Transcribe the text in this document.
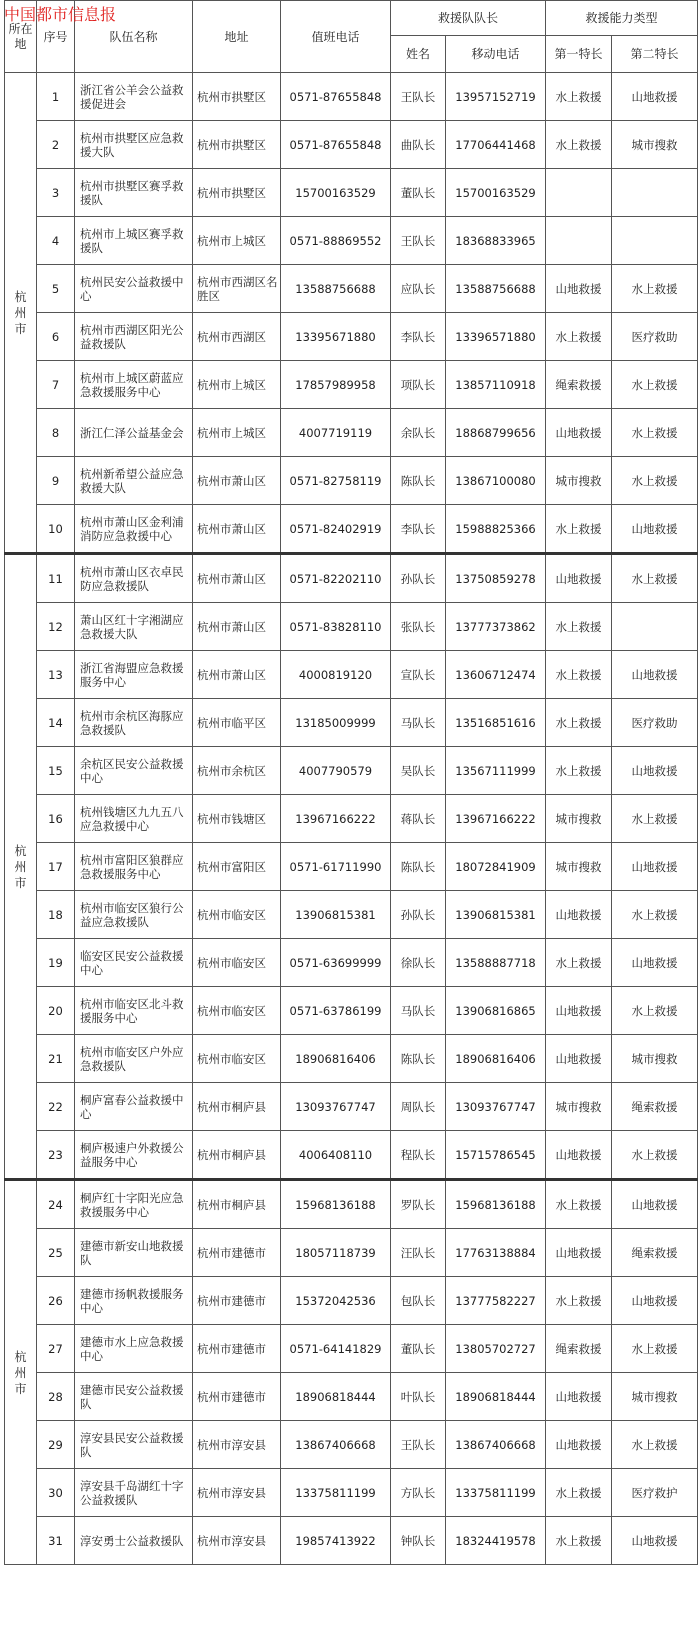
中国都市信息报
所在地	序号	队伍名称	地址	值班电话	救援队队长		救援能力类型	
					姓名	移动电话	第一特长	第二特长
杭州市	1	浙江省公羊会公益救援促进会	杭州市拱墅区	0571-87655848	王队长	13957152719	水上救援	山地救援
	2	杭州市拱墅区应急救援大队	杭州市拱墅区	0571-87655848	曲队长	17706441468	水上救援	城市搜救
	3	杭州市拱墅区赛孚救援队	杭州市拱墅区	15700163529	董队长	15700163529		
	4	杭州市上城区赛孚救援队	杭州市上城区	0571-88869552	王队长	18368833965		
	5	杭州民安公益救援中心	杭州市西湖区名胜区	13588756688	应队长	13588756688	山地救援	水上救援
	6	杭州市西湖区阳光公益救援队	杭州市西湖区	13395671880	李队长	13396571880	水上救援	医疗救助
	7	杭州市上城区蔚蓝应急救援服务中心	杭州市上城区	17857989958	项队长	13857110918	绳索救援	水上救援
	8	浙江仁泽公益基金会	杭州市上城区	4007719119	余队长	18868799656	山地救援	水上救援
	9	杭州新希望公益应急救援大队	杭州市萧山区	0571-82758119	陈队长	13867100080	城市搜救	水上救援
	10	杭州市萧山区金利浦消防应急救援中心	杭州市萧山区	0571-82402919	李队长	15988825366	水上救援	山地救援
杭州市	11	杭州市萧山区衣卓民防应急救援队	杭州市萧山区	0571-82202110	孙队长	13750859278	山地救援	水上救援
	12	萧山区红十字湘湖应急救援大队	杭州市萧山区	0571-83828110	张队长	13777373862	水上救援	
	13	浙江省海盟应急救援服务中心	杭州市萧山区	4000819120	宣队长	13606712474	水上救援	山地救援
	14	杭州市余杭区海豚应急救援队	杭州市临平区	13185009999	马队长	13516851616	水上救援	医疗救助
	15	余杭区民安公益救援中心	杭州市余杭区	4007790579	吴队长	13567111999	水上救援	山地救援
	16	杭州钱塘区九九五八应急救援中心	杭州市钱塘区	13967166222	蒋队长	13967166222	城市搜救	水上救援
	17	杭州市富阳区狼群应急救援服务中心	杭州市富阳区	0571-61711990	陈队长	18072841909	城市搜救	山地救援
	18	杭州市临安区狼行公益应急救援队	杭州市临安区	13906815381	孙队长	13906815381	山地救援	水上救援
	19	临安区民安公益救援中心	杭州市临安区	0571-63699999	徐队长	13588887718	水上救援	山地救援
	20	杭州市临安区北斗救援服务中心	杭州市临安区	0571-63786199	马队长	13906816865	山地救援	水上救援
	21	杭州市临安区户外应急救援队	杭州市临安区	18906816406	陈队长	18906816406	山地救援	城市搜救
	22	桐庐富春公益救援中心	杭州市桐庐县	13093767747	周队长	13093767747	城市搜救	绳索救援
	23	桐庐极速户外救援公益服务中心	杭州市桐庐县	4006408110	程队长	15715786545	山地救援	水上救援
杭州市	24	桐庐红十字阳光应急救援服务中心	杭州市桐庐县	15968136188	罗队长	15968136188	水上救援	山地救援
	25	建德市新安山地救援队	杭州市建德市	18057118739	汪队长	17763138884	山地救援	绳索救援
	26	建德市扬帆救援服务中心	杭州市建德市	15372042536	包队长	13777582227	水上救援	山地救援
	27	建德市水上应急救援中心	杭州市建德市	0571-64141829	董队长	13805702727	绳索救援	水上救援
	28	建德市民安公益救援队	杭州市建德市	18906818444	叶队长	18906818444	山地救援	城市搜救
	29	淳安县民安公益救援队	杭州市淳安县	13867406668	王队长	13867406668	山地救援	水上救援
	30	淳安县千岛湖红十字公益救援队	杭州市淳安县	13375811199	方队长	13375811199	水上救援	医疗救护
	31	淳安勇士公益救援队	杭州市淳安县	19857413922	钟队长	18324419578	水上救援	山地救援
